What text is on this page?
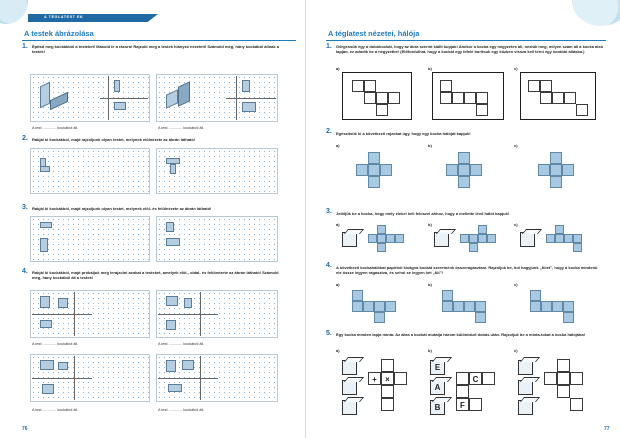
A TÉGLATEST EK
A testek ábrázolása
1. Építsd meg kockákból a testeket! Másold le a rácsra! Rajzold meg a testek hiányzó nézeteit! Számold meg, hány kockából állnak a testek!
A test ............. kockából áll.	A test ............. kockából áll.
2. Rakjál ki kockákból, majd rajzoljunk olyan testet, melynek elölnézete az ábrán látható!
3. Rakjál ki kockákból, majd rajzoljunk olyan testet, melynek elöl- és felülnézete az ábrán látható!
4. Rakjál ki kockákból, majd próbáljuk meg lerajzolni azokat a testeket, amelyek elöl-, oldal- és felülnézete az ábrán látható! Számold meg, hány kockából áll a testek!
A test ............. kockából áll.	A test ............. kockából áll.
A test ............. kockából áll.	A test ............. kockából áll.
76
A téglatest nézetei, hálója
1. Gőrgessük egy a dobókockát, hogy az ábra szerint kiállt kupjak! Amikor a kocka egy négyzetes áll, néztük meg, milyen szám áll a kocka alsó lapján, ez adódik be a négyzetbe! (Előfordulhat, hogy a kockát egy lefelé borítsuk egy közben vissza kell térni egy korábbi állásba.)
a)	b)	c)
2. Egészítsük ki a következő rajzokat úgy, hogy egy kocka hálóját kapjuk!
a)	b)	c)
3. Jelöljük be a kocka, hogy mely élekei kell feloszel ahhoz, hogy a mellette lévő hálót kapjuk!
a)	b)	c)
4. A következő kockahálókat papírból kivágva kockát szeretnénk összeragasztani. Rajzoljuk be, hol hagyjunk „fület”, hogy a kocka mindenü ele össze legyen ragasztva, és sehol se legyen két „fül”!
a)	b)	c)
5. Egy kocka minden lapja minta. Az ábra a kockát mutatja három különböző dobás után. Rajzoljuk be a minta-tokat a kocka hálójába!
a)
+	×
b)
E
A
B
C
F
c)
77
